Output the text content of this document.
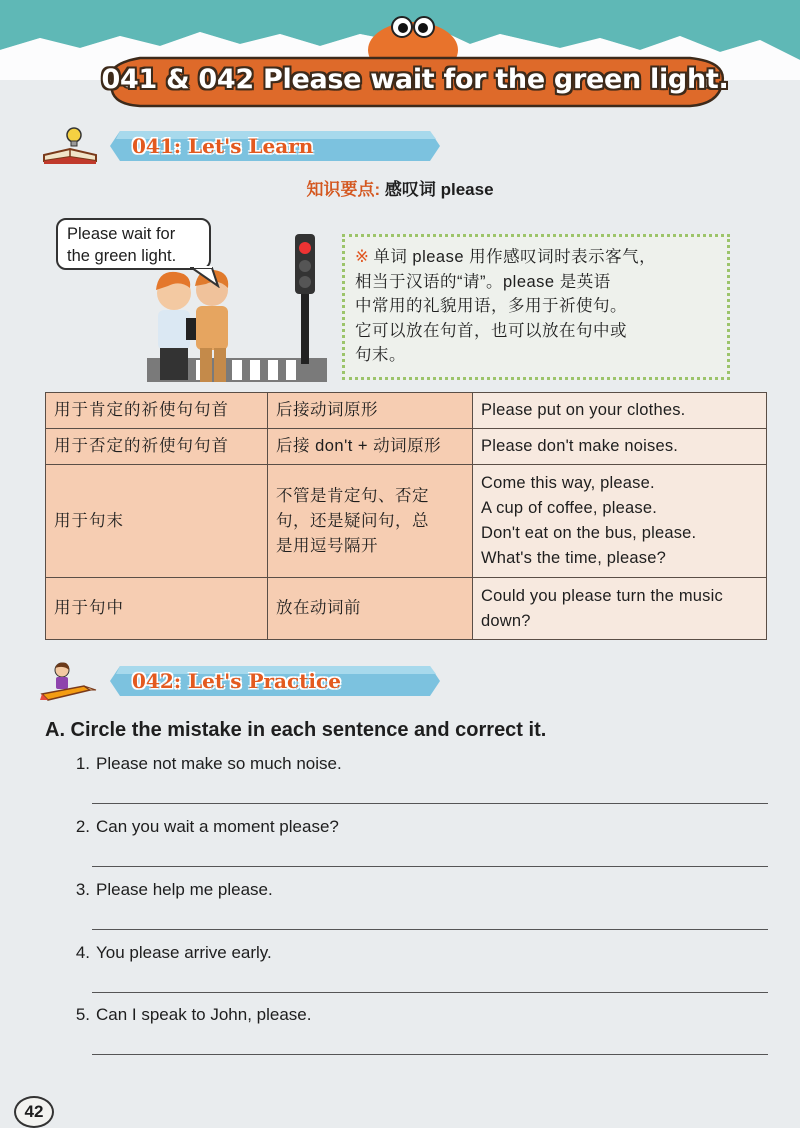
041 & 042 Please wait for the green light.
041: Let's Learn
知识要点: 感叹词 please
Please wait for the green light.	※ 单词 please 用作感叹词时表示客气，
相当于汉语的“请”。please 是英语
中常用的礼貌用语，多用于祈使句。
它可以放在句首，也可以放在句中或
句末。

用于肯定的祈使句句首	后接动词原形	Please put on your clothes.

用于否定的祈使句句首	后接 don't + 动词原形	Please don't make noises.

用于句末	不管是肯定句、否定
句，还是疑问句，总
是用逗号隔开	Come this way, please.
A cup of coffee, please.
Don't eat on the bus, please.
What's the time, please?

用于句中	放在动词前	Could you please turn the music down?
042: Let's Practice
A. Circle the mistake in each sentence and correct it.
1. Please not make so much noise.
2. Can you wait a moment please?
3. Please help me please.
4. You please arrive early.
5. Can I speak to John, please.
42
